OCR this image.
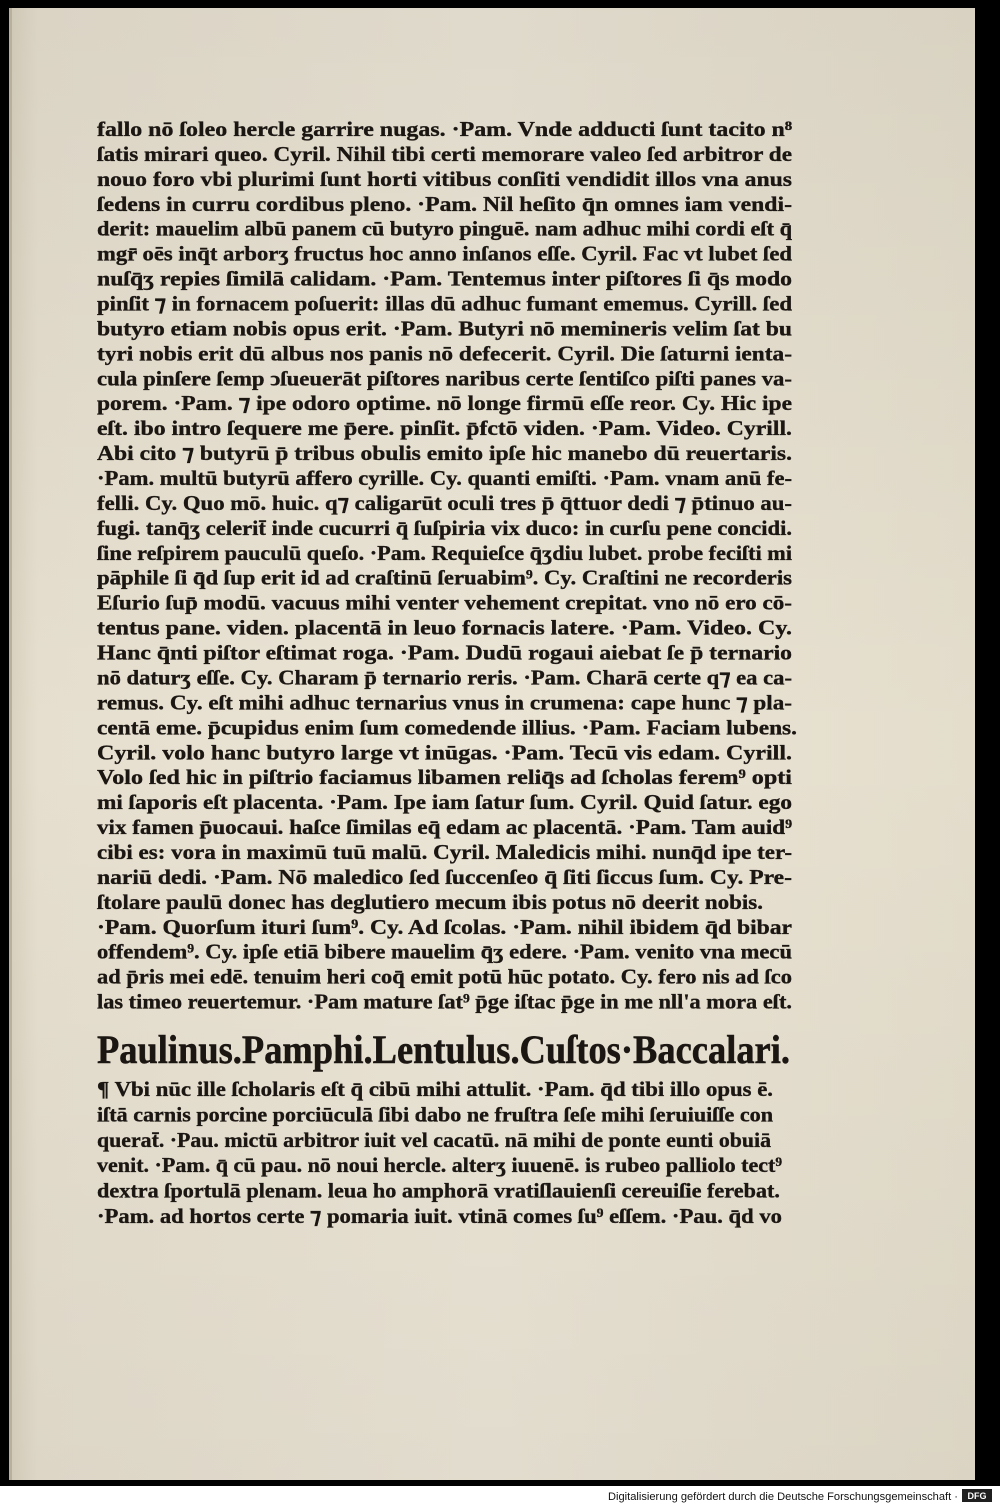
fallo nō ſoleo hercle garrire nugas. ·Pam. Vnde adducti ſunt tacito n⁸
ſatis mirari queo. Cyril. Nihil tibi certi memorare valeo ſed arbitror de
nouo foro vbi plurimi ſunt horti vitibus conſiti vendidit illos vna anus
ſedens in curru cordibus pleno. ·Pam. Nil heſito q̄n omnes iam vendi-
derit: mauelim albū panem cū butyro pinguē. nam adhuc mihi cordi eſt q̄
mgr̄ oēs inq̄t arborʒ fructus hoc anno inſanos eſſe. Cyril. Fac vt lubet ſed
nuſq̄ʒ repies ſimilā calidam. ·Pam. Tentemus inter piſtores ſi q̄s modo
pinſit ⁊ in fornacem poſuerit: illas dū adhuc fumant ememus. Cyrill. ſed
butyro etiam nobis opus erit. ·Pam. Butyri nō memineris velim ſat bu
tyri nobis erit dū albus nos panis nō defecerit. Cyril. Die ſaturni ienta-
cula pinſere ſemp ↄſueuerāt piſtores naribus certe ſentiſco piſti panes va-
porem. ·Pam. ⁊ ipe odoro optime. nō longe firmū eſſe reor. Cy. Hic ipe
eſt. ibo intro ſequere me p̄ere. pinſit. p̄fctō viden. ·Pam. Video. Cyrill.
Abi cito ⁊ butyrū p̄ tribus obulis emito ipſe hic manebo dū reuertaris.
·Pam. multū butyrū affero cyrille. Cy. quanti emiſti. ·Pam. vnam anū fe-
felli. Cy. Quo mō. huic. q⁊ caligarūt oculi tres p̄ q̄ttuor dedi ⁊ p̄tinuo au-
fugi. tanq̄ʒ celerit̄ inde cucurri q̄ ſuſpiria vix duco: in curſu pene concidi.
ſine reſpirem pauculū queſo. ·Pam. Requieſce q̄ʒdiu lubet. probe feciſti mi
pāphile ſi q̄d ſup erit id ad craſtinū ſeruabim⁹. Cy. Craſtini ne recorderis
Eſurio ſup̄ modū. vacuus mihi venter vehement crepitat. vno nō ero cō-
tentus pane. viden. placentā in leuo fornacis latere. ·Pam. Video. Cy.
Hanc q̄nti piſtor eſtimat roga. ·Pam. Dudū rogaui aiebat ſe p̄ ternario
nō daturʒ eſſe. Cy. Charam p̄ ternario reris. ·Pam. Charā certe q⁊ ea ca-
remus. Cy. eſt mihi adhuc ternarius vnus in crumena: cape hunc ⁊ pla-
centā eme. p̄cupidus enim ſum comedende illius. ·Pam. Faciam lubens.
Cyril. volo hanc butyro large vt inūgas. ·Pam. Tecū vis edam. Cyrill.
Volo ſed hic in piſtrio faciamus libamen reliq̄s ad ſcholas ferem⁹ opti
mi ſaporis eſt placenta. ·Pam. Ipe iam ſatur ſum. Cyril. Quid ſatur. ego
vix famen p̄uocaui. haſce ſimilas eq̄ edam ac placentā. ·Pam. Tam auid⁹
cibi es: vora in maximū tuū malū. Cyril. Maledicis mihi. nunq̄d ipe ter-
nariū dedi. ·Pam. Nō maledico ſed ſuccenſeo q̄ ſiti ſiccus ſum. Cy. Pre-
ſtolare paulū donec has deglutiero mecum ibis potus nō deerit nobis.
·Pam. Quorſum ituri ſum⁹. Cy. Ad ſcolas. ·Pam. nihil ibidem q̄d bibar
offendem⁹. Cy. ipſe etiā bibere mauelim q̄ʒ edere. ·Pam. venito vna mecū
ad p̄ris mei edē. tenuim heri coq̄ emit potū hūc potato. Cy. fero nis ad ſco
las timeo reuertemur. ·Pam mature ſat⁹ p̄ge iſtac p̄ge in me nll'a mora eſt.
Paulinus.Pamphi.Lentulus.Cuſtos·Baccalari.
¶ Vbi nūc ille ſcholaris eſt q̄ cibū mihi attulit. ·Pam. q̄d tibi illo opus ē.
iſtā carnis porcine porciūculā ſibi dabo ne fruſtra ſeſe mihi ſeruiuiſſe con
querat̄. ·Pau. mictū arbitror iuit vel cacatū. nā mihi de ponte eunti obuiā
venit. ·Pam. q̄ cū pau. nō noui hercle. alterʒ iuuenē. is rubeo palliolo tect⁹
dextra ſportulā plenam. leua ho amphorā vratiſlauienſi cereuiſie ferebat.
·Pam. ad hortos certe ⁊ pomaria iuit. vtinā comes ſu⁹ eſſem. ·Pau. q̄d vo
Digitalisierung gefördert durch die Deutsche Forschungsgemeinschaft · DFG
